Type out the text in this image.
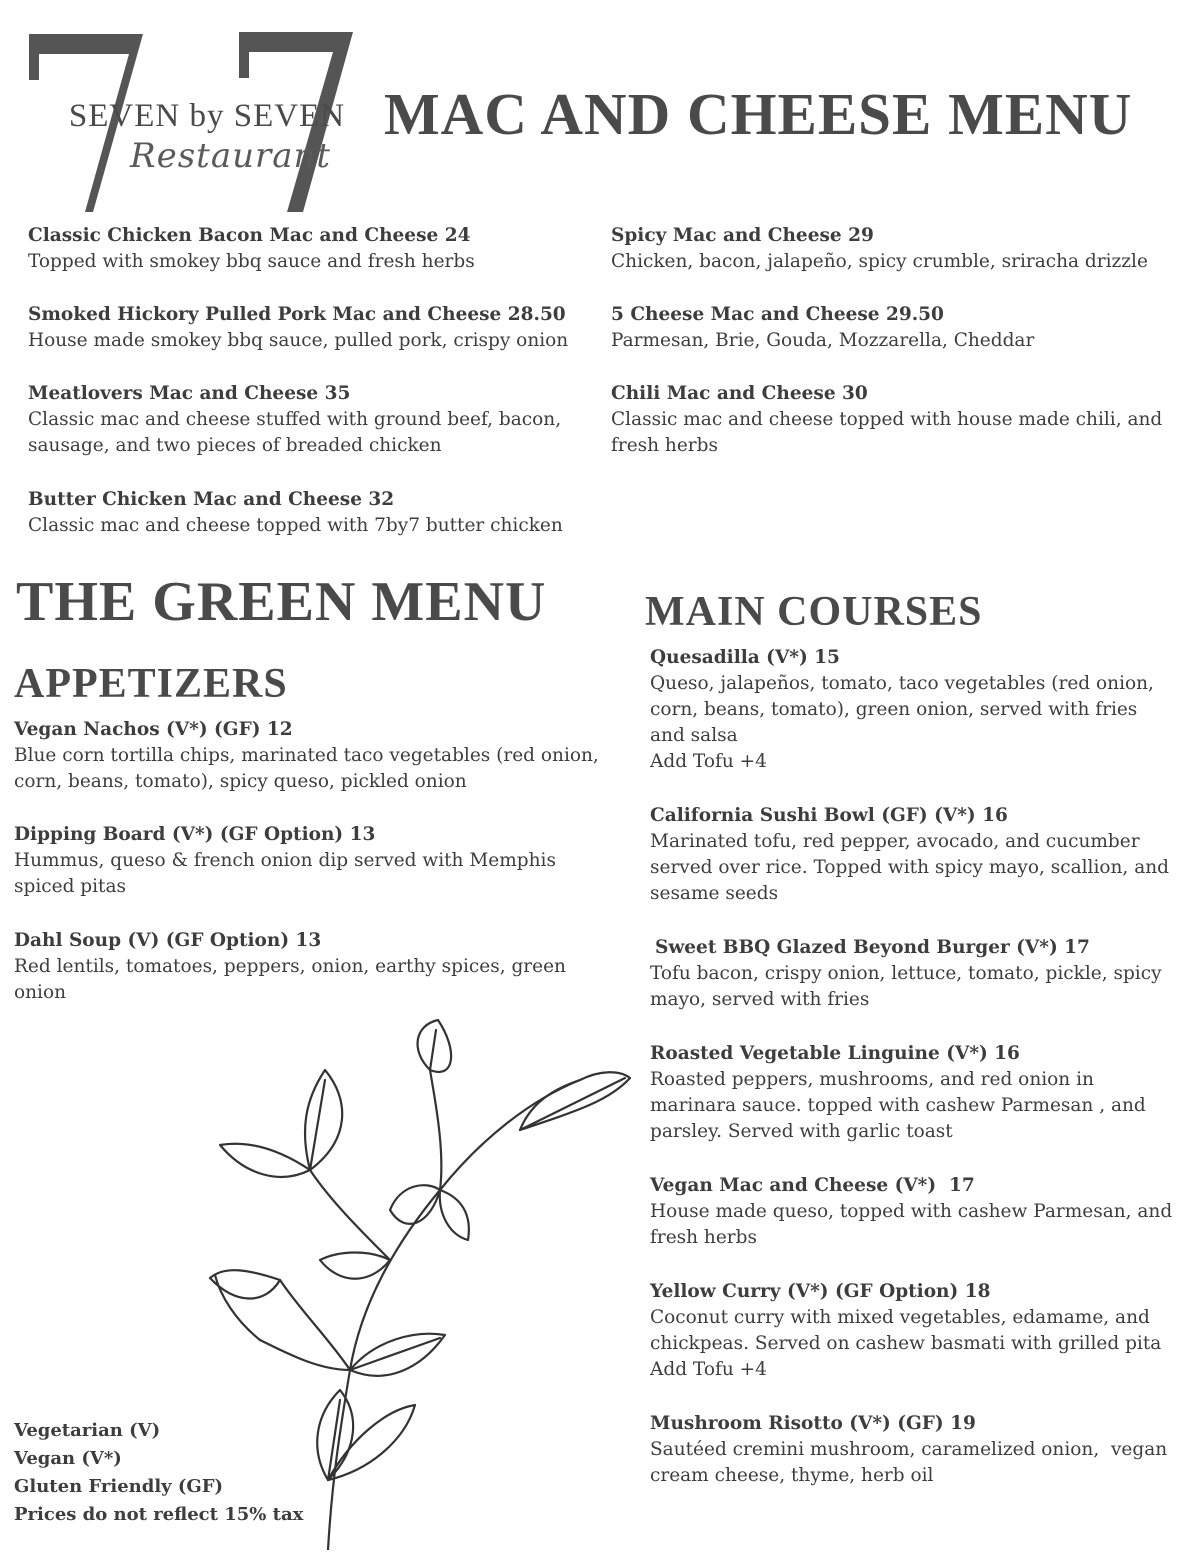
SEVEN by SEVEN
Restaurant
MAC AND CHEESE MENU
Classic Chicken Bacon Mac and Cheese 24
Topped with smokey bbq sauce and fresh herbs
Smoked Hickory Pulled Pork Mac and Cheese 28.50
House made smokey bbq sauce, pulled pork, crispy onion
Meatlovers Mac and Cheese 35
Classic mac and cheese stuffed with ground beef, bacon, sausage, and two pieces of breaded chicken
Butter Chicken Mac and Cheese 32
Classic mac and cheese topped with 7by7 butter chicken
Spicy Mac and Cheese 29
Chicken, bacon, jalapeño, spicy crumble, sriracha drizzle
5 Cheese Mac and Cheese 29.50
Parmesan, Brie, Gouda, Mozzarella, Cheddar
Chili Mac and Cheese 30
Classic mac and cheese topped with house made chili, and fresh herbs
THE GREEN MENU
APPETIZERS
MAIN COURSES
Vegan Nachos (V*) (GF) 12
Blue corn tortilla chips, marinated taco vegetables (red onion, corn, beans, tomato), spicy queso, pickled onion
Dipping Board (V*) (GF Option) 13
Hummus, queso & french onion dip served with Memphis spiced pitas
Dahl Soup (V) (GF Option) 13
Red lentils, tomatoes, peppers, onion, earthy spices, green onion
Quesadilla (V*) 15
Queso, jalapeños, tomato, taco vegetables (red onion, corn, beans, tomato), green onion, served with fries and salsa
Add Tofu +4
California Sushi Bowl (GF) (V*) 16
Marinated tofu, red pepper, avocado, and cucumber served over rice. Topped with spicy mayo, scallion, and sesame seeds
Sweet BBQ Glazed Beyond Burger (V*) 17
Tofu bacon, crispy onion, lettuce, tomato, pickle, spicy mayo, served with fries
Roasted Vegetable Linguine (V*) 16
Roasted peppers, mushrooms, and red onion in marinara sauce. topped with cashew Parmesan , and parsley. Served with garlic toast
Vegan Mac and Cheese (V*)  17
House made queso, topped with cashew Parmesan, and fresh herbs
Yellow Curry (V*) (GF Option) 18
Coconut curry with mixed vegetables, edamame, and chickpeas. Served on cashew basmati with grilled pita
Add Tofu +4
Mushroom Risotto (V*) (GF) 19
Sautéed cremini mushroom, caramelized onion,  vegan cream cheese, thyme, herb oil
Vegetarian (V)
Vegan (V*)
Gluten Friendly (GF)
Prices do not reflect 15% tax
